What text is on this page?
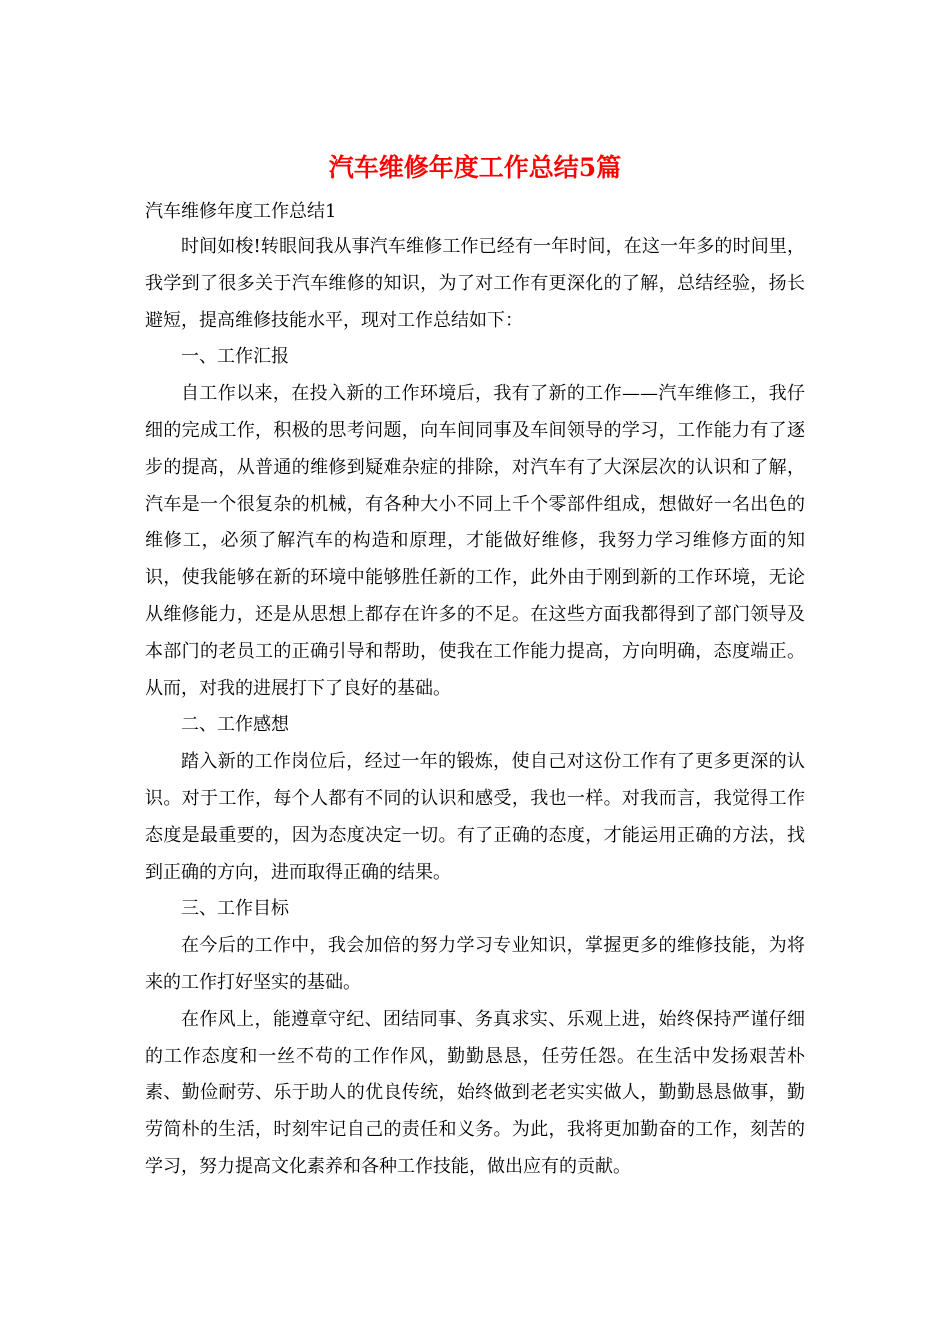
汽车维修年度工作总结5篇

汽车维修年度工作总结1

时间如梭!转眼间我从事汽车维修工作已经有一年时间，在这一年多的时间里，我学到了很多关于汽车维修的知识，为了对工作有更深化的了解，总结经验，扬长避短，提高维修技能水平，现对工作总结如下：

一、工作汇报

自工作以来，在投入新的工作环境后，我有了新的工作——汽车维修工，我仔细的完成工作，积极的思考问题，向车间同事及车间领导的学习，工作能力有了逐步的提高，从普通的维修到疑难杂症的排除，对汽车有了大深层次的认识和了解，汽车是一个很复杂的机械，有各种大小不同上千个零部件组成，想做好一名出色的维修工，必须了解汽车的构造和原理，才能做好维修，我努力学习维修方面的知识，使我能够在新的环境中能够胜任新的工作，此外由于刚到新的工作环境，无论从维修能力，还是从思想上都存在许多的不足。在这些方面我都得到了部门领导及本部门的老员工的正确引导和帮助，使我在工作能力提高，方向明确，态度端正。从而，对我的进展打下了良好的基础。

二、工作感想

踏入新的工作岗位后，经过一年的锻炼，使自己对这份工作有了更多更深的认识。对于工作，每个人都有不同的认识和感受，我也一样。对我而言，我觉得工作态度是最重要的，因为态度决定一切。有了正确的态度，才能运用正确的方法，找到正确的方向，进而取得正确的结果。

三、工作目标

在今后的工作中，我会加倍的努力学习专业知识，掌握更多的维修技能，为将来的工作打好坚实的基础。

在作风上，能遵章守纪、团结同事、务真求实、乐观上进，始终保持严谨仔细的工作态度和一丝不苟的工作作风，勤勤恳恳，任劳任怨。在生活中发扬艰苦朴素、勤俭耐劳、乐于助人的优良传统，始终做到老老实实做人，勤勤恳恳做事，勤劳简朴的生活，时刻牢记自己的责任和义务。为此，我将更加勤奋的工作，刻苦的学习，努力提高文化素养和各种工作技能，做出应有的贡献。
